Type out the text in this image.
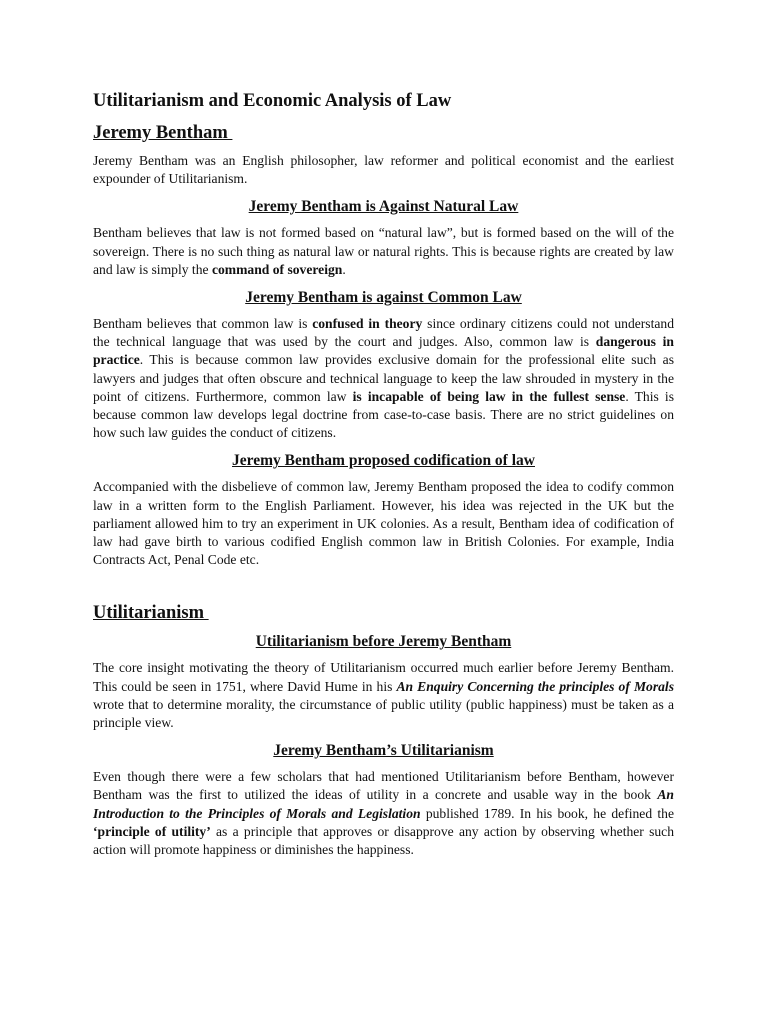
Utilitarianism and Economic Analysis of Law
Jeremy Bentham

Jeremy Bentham was an English philosopher, law reformer and political economist and the earliest expounder of Utilitarianism.

Jeremy Bentham is Against Natural Law

Bentham believes that law is not formed based on “natural law”, but is formed based on the will of the sovereign. There is no such thing as natural law or natural rights. This is because rights are created by law and law is simply the command of sovereign.

Jeremy Bentham is against Common Law

Bentham believes that common law is confused in theory since ordinary citizens could not understand the technical language that was used by the court and judges. Also, common law is dangerous in practice. This is because common law provides exclusive domain for the professional elite such as lawyers and judges that often obscure and technical language to keep the law shrouded in mystery in the point of citizens. Furthermore, common law is incapable of being law in the fullest sense. This is because common law develops legal doctrine from case-to-case basis. There are no strict guidelines on how such law guides the conduct of citizens.

Jeremy Bentham proposed codification of law

Accompanied with the disbelieve of common law, Jeremy Bentham proposed the idea to codify common law in a written form to the English Parliament. However, his idea was rejected in the UK but the parliament allowed him to try an experiment in UK colonies. As a result, Bentham idea of codification of law had gave birth to various codified English common law in British Colonies. For example, India Contracts Act, Penal Code etc.

Utilitarianism
Utilitarianism before Jeremy Bentham

The core insight motivating the theory of Utilitarianism occurred much earlier before Jeremy Bentham. This could be seen in 1751, where David Hume in his An Enquiry Concerning the principles of Morals wrote that to determine morality, the circumstance of public utility (public happiness) must be taken as a principle view.

Jeremy Bentham’s Utilitarianism

Even though there were a few scholars that had mentioned Utilitarianism before Bentham, however Bentham was the first to utilized the ideas of utility in a concrete and usable way in the book An Introduction to the Principles of Morals and Legislation published 1789. In his book, he defined the ‘principle of utility’ as a principle that approves or disapprove any action by observing whether such action will promote happiness or diminishes the happiness.
